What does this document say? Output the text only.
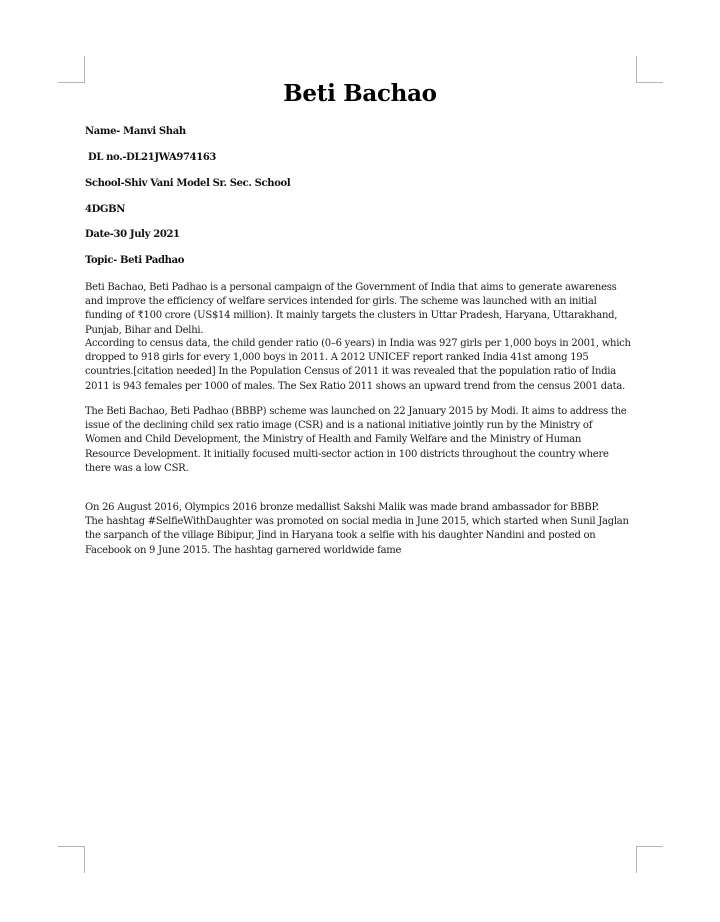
Beti Bachao
Name- Manvi Shah
DL no.-DL21JWA974163
School-Shiv Vani Model Sr. Sec. School
4DGBN
Date-30 July 2021
Topic- Beti Padhao
Beti Bachao, Beti Padhao is a personal campaign of the Government of India that aims to generate awareness
and improve the efficiency of welfare services intended for girls. The scheme was launched with an initial
funding of ₹100 crore (US$14 million). It mainly targets the clusters in Uttar Pradesh, Haryana, Uttarakhand,
Punjab, Bihar and Delhi.
According to census data, the child gender ratio (0–6 years) in India was 927 girls per 1,000 boys in 2001, which
dropped to 918 girls for every 1,000 boys in 2011. A 2012 UNICEF report ranked India 41st among 195
countries.[citation needed] In the Population Census of 2011 it was revealed that the population ratio of India
2011 is 943 females per 1000 of males. The Sex Ratio 2011 shows an upward trend from the census 2001 data.
The Beti Bachao, Beti Padhao (BBBP) scheme was launched on 22 January 2015 by Modi. It aims to address the
issue of the declining child sex ratio image (CSR) and is a national initiative jointly run by the Ministry of
Women and Child Development, the Ministry of Health and Family Welfare and the Ministry of Human
Resource Development. It initially focused multi-sector action in 100 districts throughout the country where
there was a low CSR.
On 26 August 2016, Olympics 2016 bronze medallist Sakshi Malik was made brand ambassador for BBBP.
The hashtag #SelfieWithDaughter was promoted on social media in June 2015, which started when Sunil Jaglan
the sarpanch of the village Bibipur, Jind in Haryana took a selfie with his daughter Nandini and posted on
Facebook on 9 June 2015. The hashtag garnered worldwide fame
